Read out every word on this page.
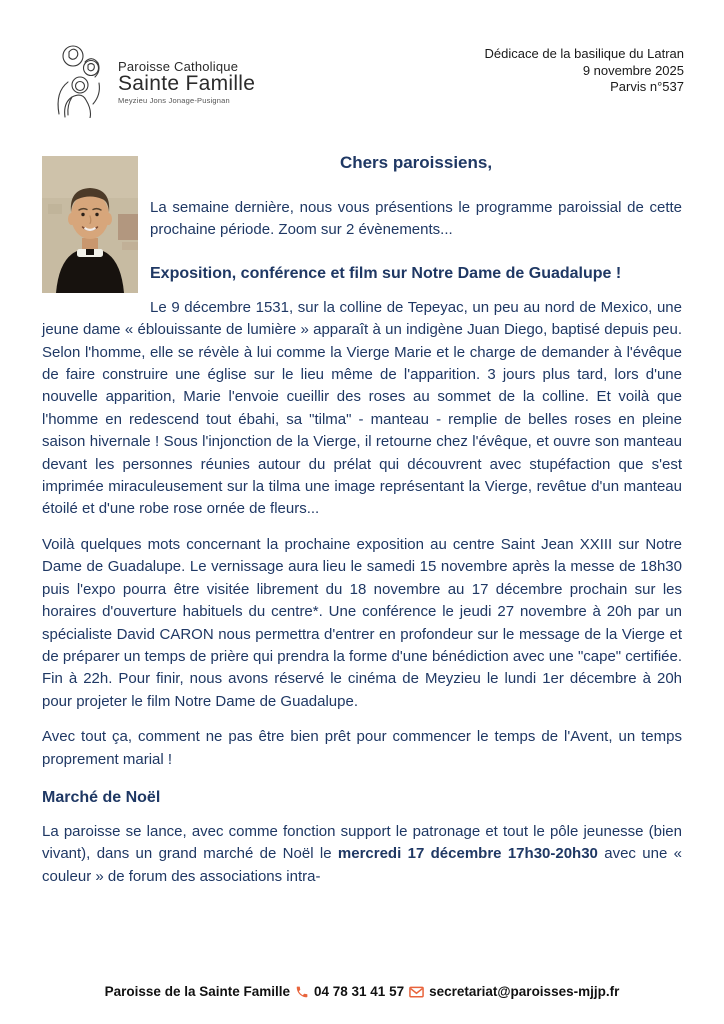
Paroisse Catholique
Sainte Famille
Meyzieu Jons Jonage-Pusignan
Dédicace de la basilique du Latran
9 novembre 2025
Parvis n°537
Chers paroissiens,

La semaine dernière, nous vous présentions le programme paroissial de cette prochaine période. Zoom sur 2 évènements...

Exposition, conférence et film sur Notre Dame de Guadalupe !

Le 9 décembre 1531, sur la colline de Tepeyac, un peu au nord de Mexico, une jeune dame « éblouissante de lumière » apparaît à un indigène Juan Diego, baptisé depuis peu. Selon l'homme, elle se révèle à lui comme la Vierge Marie et le charge de demander à l'évêque de faire construire une église sur le lieu même de l'apparition. 3 jours plus tard, lors d'une nouvelle apparition, Marie l'envoie cueillir des roses au sommet de la colline. Et voilà que l'homme en redescend tout ébahi, sa "tilma" - manteau - remplie de belles roses en pleine saison hivernale ! Sous l'injonction de la Vierge, il retourne chez l'évêque, et ouvre son manteau devant les personnes réunies autour du prélat qui découvrent avec stupéfaction que s'est imprimée miraculeusement sur la tilma une image représentant la Vierge, revêtue d'un manteau étoilé et d'une robe rose ornée de fleurs...

Voilà quelques mots concernant la prochaine exposition au centre Saint Jean XXIII sur Notre Dame de Guadalupe. Le vernissage aura lieu le samedi 15 novembre après la messe de 18h30 puis l'expo pourra être visitée librement du 18 novembre au 17 décembre prochain sur les horaires d'ouverture habituels du centre*. Une conférence le jeudi 27 novembre à 20h par un spécialiste David CARON nous permettra d'entrer en profondeur sur le message de la Vierge et de préparer un temps de prière qui prendra la forme d'une bénédiction avec une "cape" certifiée. Fin à 22h. Pour finir, nous avons réservé le cinéma de Meyzieu le lundi 1er décembre à 20h pour projeter le film Notre Dame de Guadalupe.

Avec tout ça, comment ne pas être bien prêt pour commencer le temps de l'Avent, un temps proprement marial !

Marché de Noël

La paroisse se lance, avec comme fonction support le patronage et tout le pôle jeunesse (bien vivant), dans un grand marché de Noël le mercredi 17 décembre 17h30-20h30 avec une « couleur » de forum des associations intra-

Paroisse de la Sainte Famille 04 78 31 41 57 secretariat@paroisses-mjjp.fr
